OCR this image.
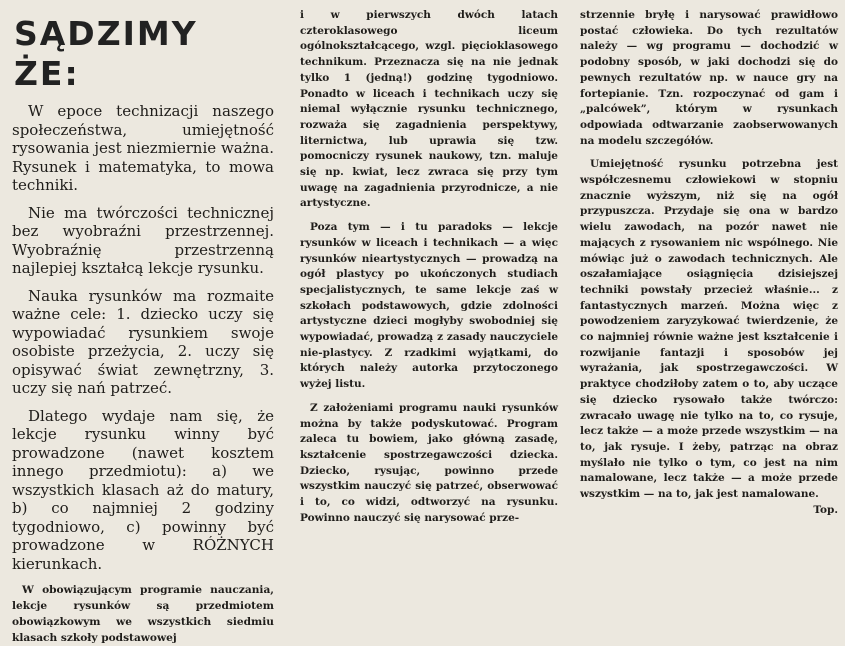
SĄDZIMY ŻE:

W epoce technizacji naszego społeczeństwa, umiejętność rysowania jest niezmiernie ważna. Rysunek i matematyka, to mowa techniki.

Nie ma twórczości technicznej bez wyobraźni przestrzennej. Wyobraźnię przestrzenną najlepiej kształcą lekcje rysunku.

Nauka rysunków ma rozmaite ważne cele: 1. dziecko uczy się wypowiadać rysunkiem swoje osobiste przeżycia, 2. uczy się opisywać świat zewnętrzny, 3. uczy się nań patrzeć.

Dlatego wydaje nam się, że lekcje rysunku winny być prowadzone (nawet kosztem innego przedmiotu): a) we wszystkich klasach aż do matury, b) co najmniej 2 godziny tygodniowo, c) powinny być prowadzone w RÓŻNYCH kierunkach.

W obowiązującym programie nauczania, lekcje rysunków są przedmiotem obowiązkowym we wszystkich siedmiu klasach szkoły podstawowej

i w pierwszych dwóch latach czteroklasowego liceum ogólnokształcącego, wzgl. pięcioklasowego technikum. Przeznacza się na nie jednak tylko 1 (jedną!) godzinę tygodniowo. Ponadto w liceach i technikach uczy się niemal wyłącznie rysunku technicznego, rozważa się zagadnienia perspektywy, liternictwa, lub uprawia się tzw. pomocniczy rysunek naukowy, tzn. maluje się np. kwiat, lecz zwraca się przy tym uwagę na zagadnienia przyrodnicze, a nie artystyczne.

Poza tym — i tu paradoks — lekcje rysunków w liceach i technikach — a więc rysunków nieartystycznych — prowadzą na ogół plastycy po ukończonych studiach specjalistycznych, te same lekcje zaś w szkołach podstawowych, gdzie zdolności artystyczne dzieci mogłyby swobodniej się wypowiadać, prowadzą z zasady nauczyciele nie-plastycy. Z rzadkimi wyjątkami, do których należy autorka przytoczonego wyżej listu.

Z założeniami programu nauki rysunków można by także podyskutować. Program zaleca tu bowiem, jako główną zasadę, kształcenie spostrzegawczości dziecka. Dziecko, rysując, powinno przede wszystkim nauczyć się patrzeć, obserwować i to, co widzi, odtworzyć na rysunku. Powinno nauczyć się narysować prze-

strzennie bryłę i narysować prawidłowo postać człowieka. Do tych rezultatów należy — wg programu — dochodzić w podobny sposób, w jaki dochodzi się do pewnych rezultatów np. w nauce gry na fortepianie. Tzn. rozpoczynać od gam i „palcówek”, którym w rysunkach odpowiada odtwarzanie zaobserwowanych na modelu szczegółów.

Umiejętność rysunku potrzebna jest współczesnemu człowiekowi w stopniu znacznie wyższym, niż się na ogół przypuszcza. Przydaje się ona w bardzo wielu zawodach, na pozór nawet nie mających z rysowaniem nic wspólnego. Nie mówiąc już o zawodach technicznych. Ale oszałamiające osiągnięcia dzisiejszej techniki powstały przecież właśnie... z fantastycznych marzeń. Można więc z powodzeniem zaryzykować twierdzenie, że co najmniej równie ważne jest kształcenie i rozwijanie fantazji i sposobów jej wyrażania, jak spostrzegawczości. W praktyce chodziłoby zatem o to, aby uczące się dziecko rysowało także twórczo: zwracało uwagę nie tylko na to, co rysuje, lecz także — a może przede wszystkim — na to, jak rysuje. I żeby, patrząc na obraz myślało nie tylko o tym, co jest na nim namalowane, lecz także — a może przede wszystkim — na to, jak jest namalowane.
Top.
